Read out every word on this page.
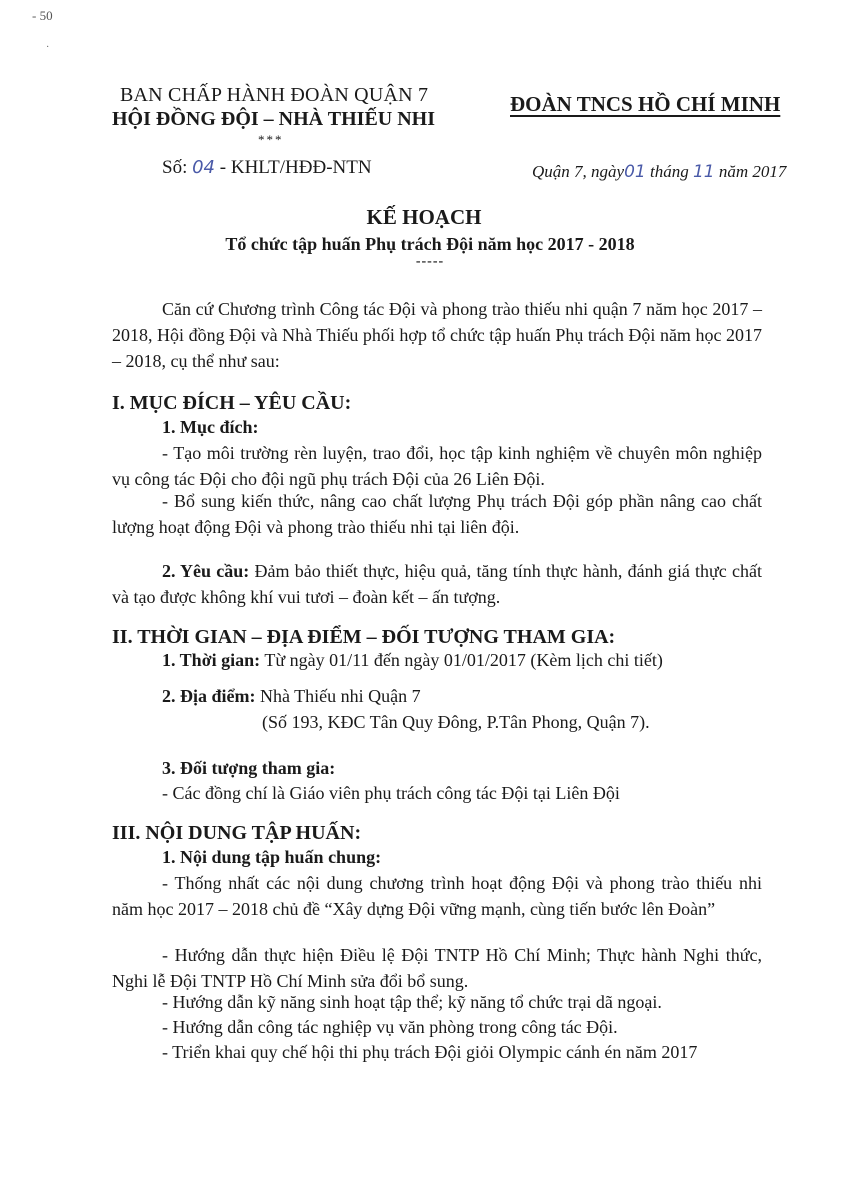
- 50
·
BAN CHẤP HÀNH ĐOÀN QUẬN 7
HỘI ĐỒNG ĐỘI – NHÀ THIẾU NHI
***
Số: 04 - KHLT/HĐĐ-NTN
ĐOÀN TNCS HỒ CHÍ MINH
Quận 7, ngày01 tháng 11 năm 2017
KẾ HOẠCH
Tổ chức tập huấn Phụ trách Đội năm học 2017 - 2018
-----
Căn cứ Chương trình Công tác Đội và phong trào thiếu nhi quận 7 năm học 2017 – 2018, Hội đồng Đội và Nhà Thiếu phối hợp tổ chức tập huấn Phụ trách Đội năm học 2017 – 2018, cụ thể như sau:
I. MỤC ĐÍCH – YÊU CẦU:
1. Mục đích:
- Tạo môi trường rèn luyện, trao đổi, học tập kinh nghiệm về chuyên môn nghiệp vụ công tác Đội cho đội ngũ phụ trách Đội của 26 Liên Đội.
- Bổ sung kiến thức, nâng cao chất lượng Phụ trách Đội góp phần nâng cao chất lượng hoạt động Đội và phong trào thiếu nhi tại liên đội.
2. Yêu cầu: Đảm bảo thiết thực, hiệu quả, tăng tính thực hành, đánh giá thực chất và tạo được không khí vui tươi – đoàn kết – ấn tượng.
II. THỜI GIAN – ĐỊA ĐIỂM – ĐỐI TƯỢNG THAM GIA:
1. Thời gian: Từ ngày 01/11 đến ngày 01/01/2017 (Kèm lịch chi tiết)
2. Địa điểm: Nhà Thiếu nhi Quận 7
(Số 193, KĐC Tân Quy Đông, P.Tân Phong, Quận 7).
3. Đối tượng tham gia:
- Các đồng chí là Giáo viên phụ trách công tác Đội tại Liên Đội
III. NỘI DUNG TẬP HUẤN:
1. Nội dung tập huấn chung:
- Thống nhất các nội dung chương trình hoạt động Đội và phong trào thiếu nhi năm học 2017 – 2018 chủ đề “Xây dựng Đội vững mạnh, cùng tiến bước lên Đoàn”
- Hướng dẫn thực hiện Điều lệ Đội TNTP Hồ Chí Minh; Thực hành Nghi thức, Nghi lễ Đội TNTP Hồ Chí Minh sửa đổi bổ sung.
- Hướng dẫn kỹ năng sinh hoạt tập thể; kỹ năng tổ chức trại dã ngoại.
- Hướng dẫn công tác nghiệp vụ văn phòng trong công tác Đội.
- Triển khai quy chế hội thi phụ trách Đội giỏi Olympic cánh én năm 2017
